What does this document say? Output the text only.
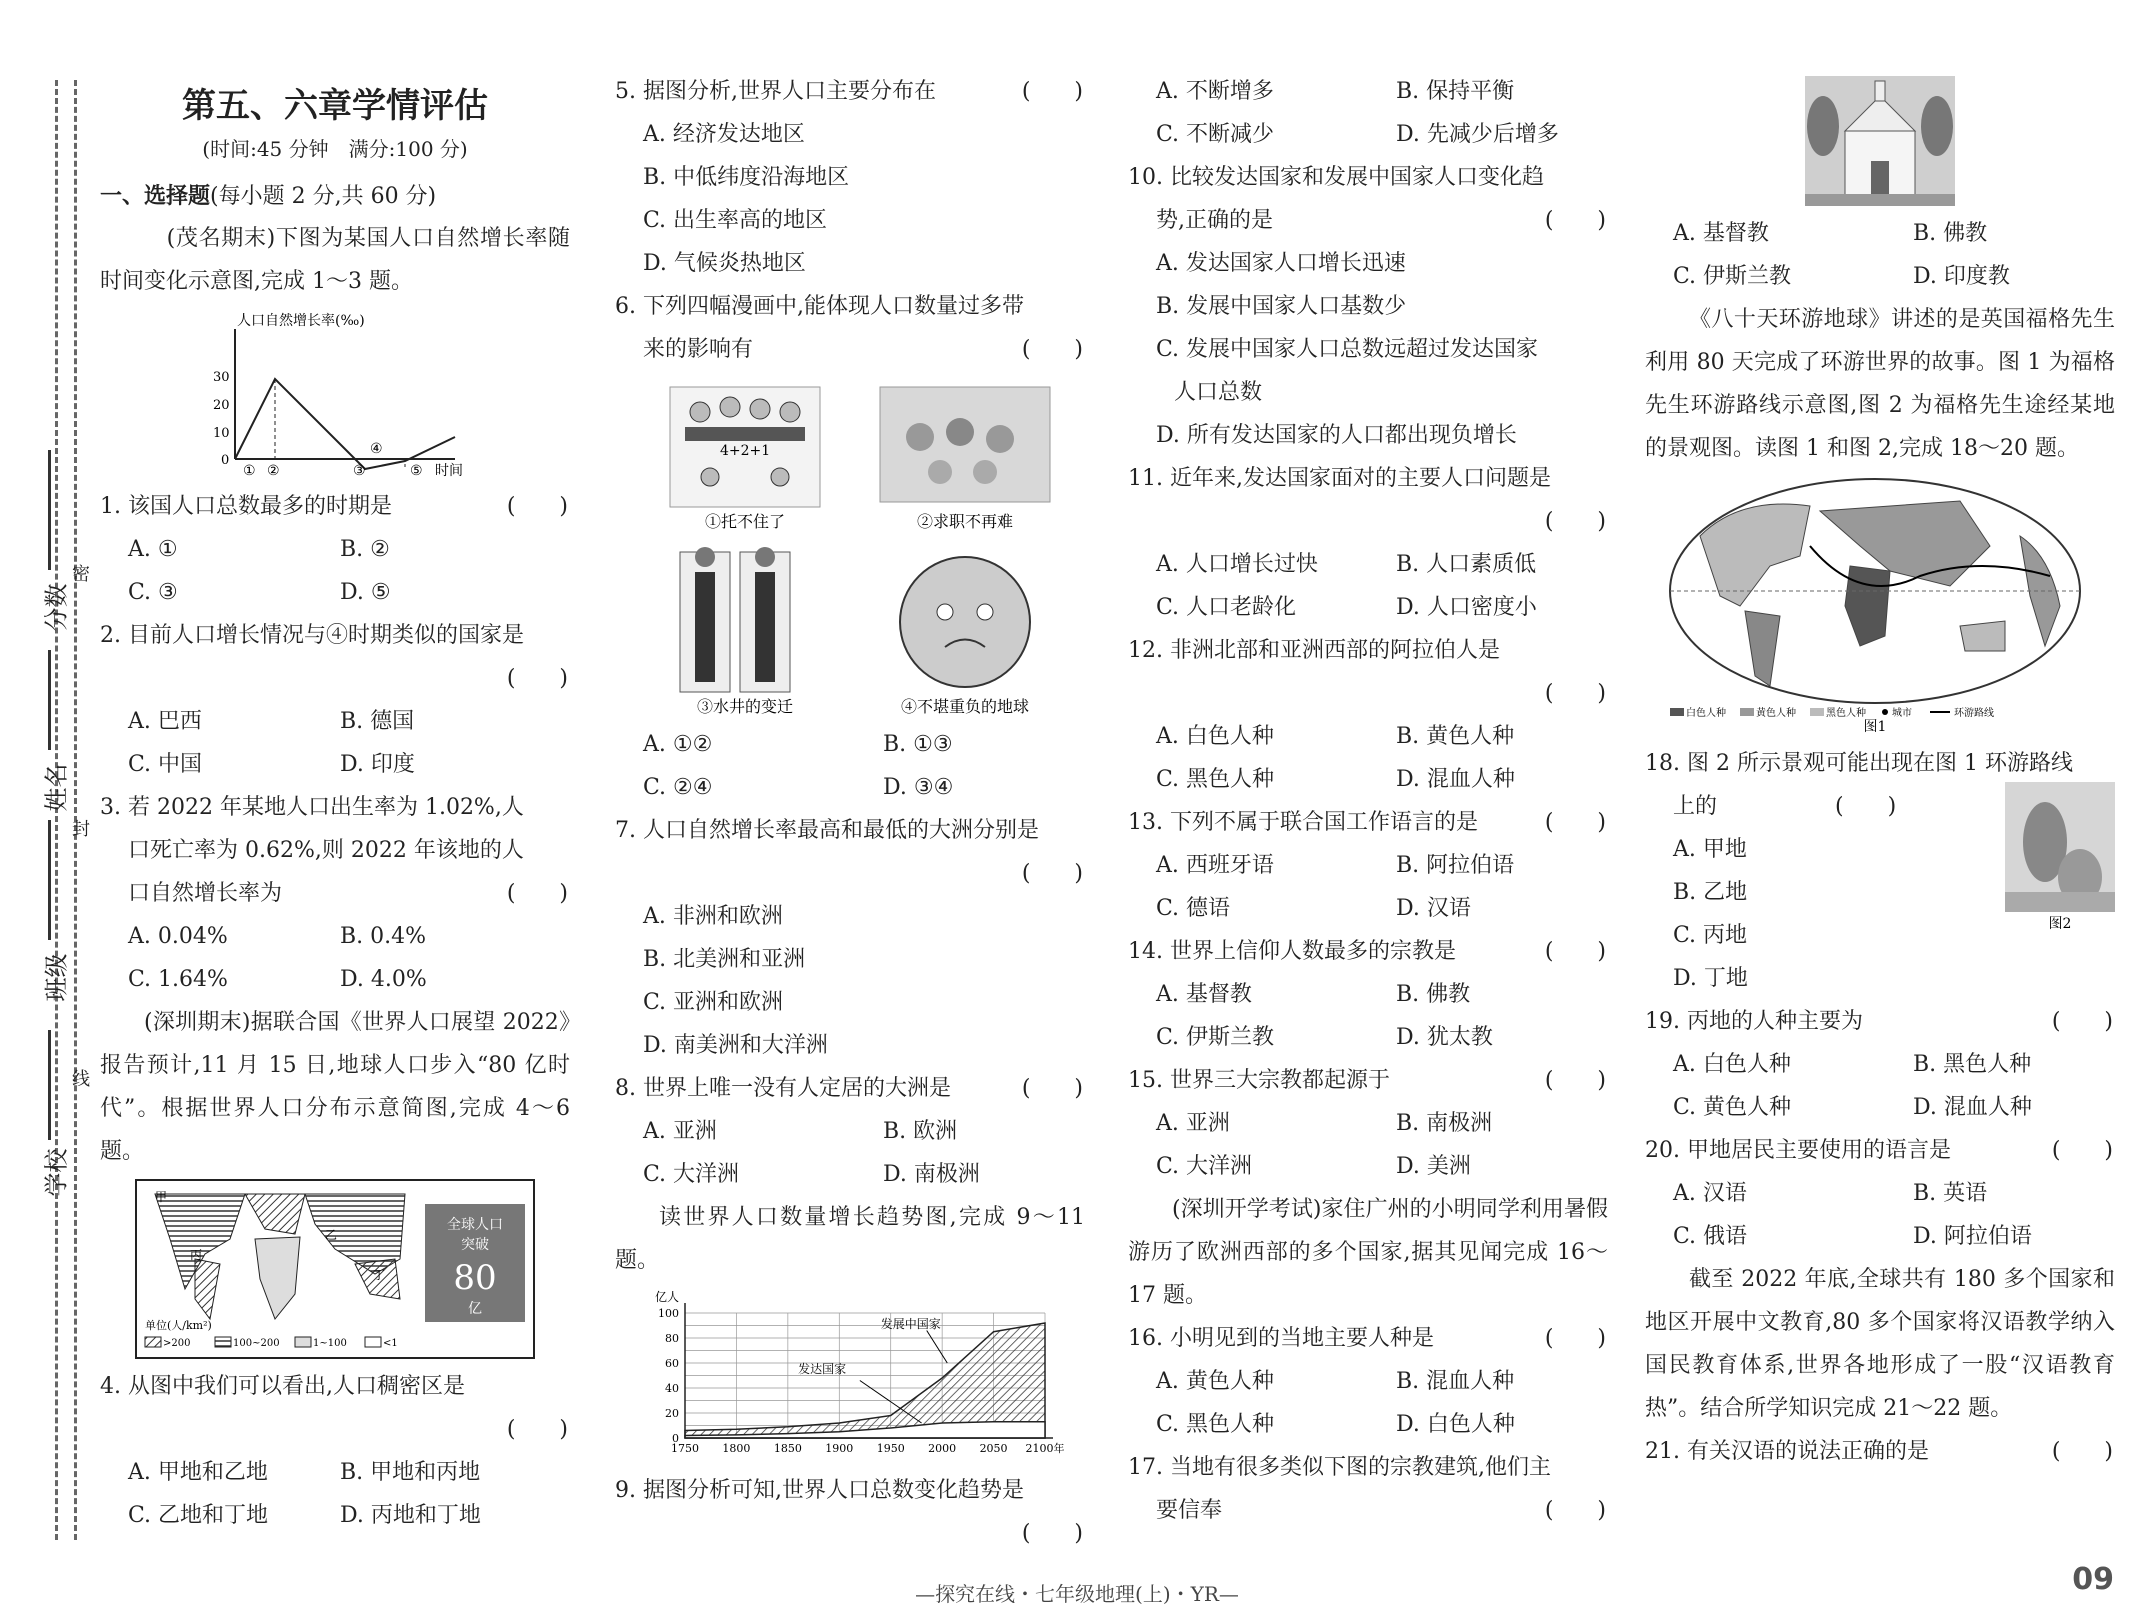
分数
姓名
班级
学校
密
封
线
第五、六章学情评估
(时间:45 分钟　满分:100 分)
一、选择题(每小题 2 分,共 60 分)
　(茂名期末)下图为某国人口自然增长率随时间变化示意图,完成 1～3 题。
人口自然增长率(‰)
时间
30
20
10
0
① ②	③
④
⑤
1. 该国人口总数最多的时期是	(　　)
A. ①	B. ②
C. ③	D. ⑤
2. 目前人口增长情况与④时期类似的国家是
(　　)
A. 巴西	B. 德国
C. 中国	D. 印度
3. 若 2022 年某地人口出生率为 1.02%,人
口死亡率为 0.62%,则 2022 年该地的人
口自然增长率为	(　　)
A. 0.04%	B. 0.4%
C. 1.64%	D. 4.0%
(深圳期末)据联合国《世界人口展望 2022》报告预计,11 月 15 日,地球人口步入“80 亿时代”。根据世界人口分布示意简图,完成 4～6 题。
全球人口
突破
80
亿
甲
乙
丙
丁
单位(人/km²)
>200	100~200	1~100	<1
4. 从图中我们可以看出,人口稠密区是
(　　)
A. 甲地和乙地	B. 甲地和丙地
C. 乙地和丁地	D. 丙地和丁地
5. 据图分析,世界人口主要分布在	(　　)
A. 经济发达地区
B. 中低纬度沿海地区
C. 出生率高的地区
D. 气候炎热地区
6. 下列四幅漫画中,能体现人口数量过多带
来的影响有	(　　)
4+2+1
①托不住了	②求职不再难
③水井的变迁	④不堪重负的地球
A. ①②	B. ①③
C. ②④	D. ③④
7. 人口自然增长率最高和最低的大洲分别是
(　　)
A. 非洲和欧洲
B. 北美洲和亚洲
C. 亚洲和欧洲
D. 南美洲和大洋洲
8. 世界上唯一没有人定居的大洲是	(　　)
A. 亚洲	B. 欧洲
C. 大洋洲	D. 南极洲
读世界人口数量增长趋势图,完成 9～11 题。
100
80
60
40
20
0
1750 1800 1850 1900 1950 2000 2050 2100年
亿人
发展中国家
发达国家
9. 据图分析可知,世界人口总数变化趋势是
(　　)
A. 不断增多	B. 保持平衡
C. 不断减少	D. 先减少后增多
10. 比较发达国家和发展中国家人口变化趋
势,正确的是	(　　)
A. 发达国家人口增长迅速
B. 发展中国家人口基数少
C. 发展中国家人口总数远超过发达国家
人口总数
D. 所有发达国家的人口都出现负增长
11. 近年来,发达国家面对的主要人口问题是
(　　)
A. 人口增长过快	B. 人口素质低
C. 人口老龄化	D. 人口密度小
12. 非洲北部和亚洲西部的阿拉伯人是
(　　)
A. 白色人种	B. 黄色人种
C. 黑色人种	D. 混血人种
13. 下列不属于联合国工作语言的是	(　　)
A. 西班牙语	B. 阿拉伯语
C. 德语	D. 汉语
14. 世界上信仰人数最多的宗教是	(　　)
A. 基督教	B. 佛教
C. 伊斯兰教	D. 犹太教
15. 世界三大宗教都起源于	(　　)
A. 亚洲	B. 南极洲
C. 大洋洲	D. 美洲
(深圳开学考试)家住广州的小明同学利用暑假游历了欧洲西部的多个国家,据其见闻完成 16～17 题。
16. 小明见到的当地主要人种是	(　　)
A. 黄色人种	B. 混血人种
C. 黑色人种	D. 白色人种
17. 当地有很多类似下图的宗教建筑,他们主
要信奉	(　　)
A. 基督教	B. 佛教
C. 伊斯兰教	D. 印度教
《八十天环游地球》讲述的是英国福格先生利用 80 天完成了环游世界的故事。图 1 为福格先生环游路线示意图,图 2 为福格先生途经某地的景观图。读图 1 和图 2,完成 18～20 题。
图1
白色人种	黄色人种	黑色人种	城市	环游路线
图2
18. 图 2 所示景观可能出现在图 1 环游路线
上的	(　　)
A. 甲地
B. 乙地
C. 丙地
D. 丁地
19. 丙地的人种主要为	(　　)
A. 白色人种	B. 黑色人种
C. 黄色人种	D. 混血人种
20. 甲地居民主要使用的语言是	(　　)
A. 汉语	B. 英语
C. 俄语	D. 阿拉伯语
截至 2022 年底,全球共有 180 多个国家和地区开展中文教育,80 多个国家将汉语教学纳入国民教育体系,世界各地形成了一股“汉语教育热”。结合所学知识完成 21～22 题。
21. 有关汉语的说法正确的是	(　　)
—探究在线・七年级地理(上)・YR—	09
